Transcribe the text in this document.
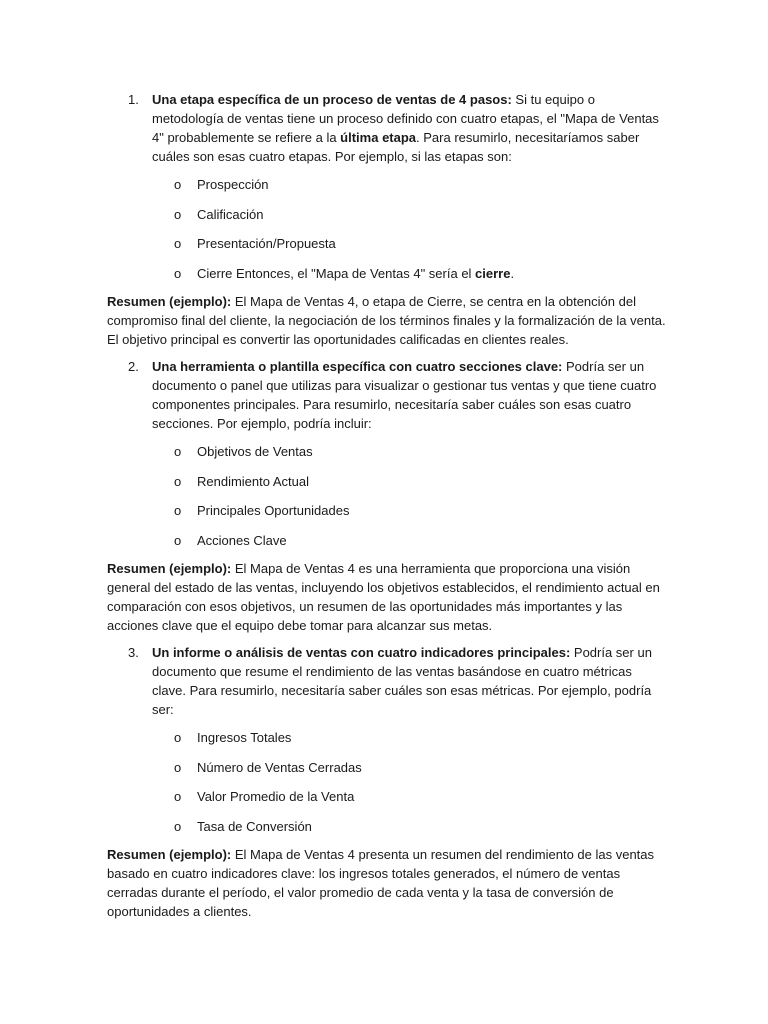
1. Una etapa específica de un proceso de ventas de 4 pasos: Si tu equipo o metodología de ventas tiene un proceso definido con cuatro etapas, el "Mapa de Ventas 4" probablemente se refiere a la última etapa. Para resumirlo, necesitaríamos saber cuáles son esas cuatro etapas. Por ejemplo, si las etapas son:
o Prospección
o Calificación
o Presentación/Propuesta
o Cierre Entonces, el "Mapa de Ventas 4" sería el cierre.

Resumen (ejemplo): El Mapa de Ventas 4, o etapa de Cierre, se centra en la obtención del compromiso final del cliente, la negociación de los términos finales y la formalización de la venta. El objetivo principal es convertir las oportunidades calificadas en clientes reales.

2. Una herramienta o plantilla específica con cuatro secciones clave: Podría ser un documento o panel que utilizas para visualizar o gestionar tus ventas y que tiene cuatro componentes principales. Para resumirlo, necesitaría saber cuáles son esas cuatro secciones. Por ejemplo, podría incluir:
o Objetivos de Ventas
o Rendimiento Actual
o Principales Oportunidades
o Acciones Clave

Resumen (ejemplo): El Mapa de Ventas 4 es una herramienta que proporciona una visión general del estado de las ventas, incluyendo los objetivos establecidos, el rendimiento actual en comparación con esos objetivos, un resumen de las oportunidades más importantes y las acciones clave que el equipo debe tomar para alcanzar sus metas.

3. Un informe o análisis de ventas con cuatro indicadores principales: Podría ser un documento que resume el rendimiento de las ventas basándose en cuatro métricas clave. Para resumirlo, necesitaría saber cuáles son esas métricas. Por ejemplo, podría ser:
o Ingresos Totales
o Número de Ventas Cerradas
o Valor Promedio de la Venta
o Tasa de Conversión

Resumen (ejemplo): El Mapa de Ventas 4 presenta un resumen del rendimiento de las ventas basado en cuatro indicadores clave: los ingresos totales generados, el número de ventas cerradas durante el período, el valor promedio de cada venta y la tasa de conversión de oportunidades a clientes.
